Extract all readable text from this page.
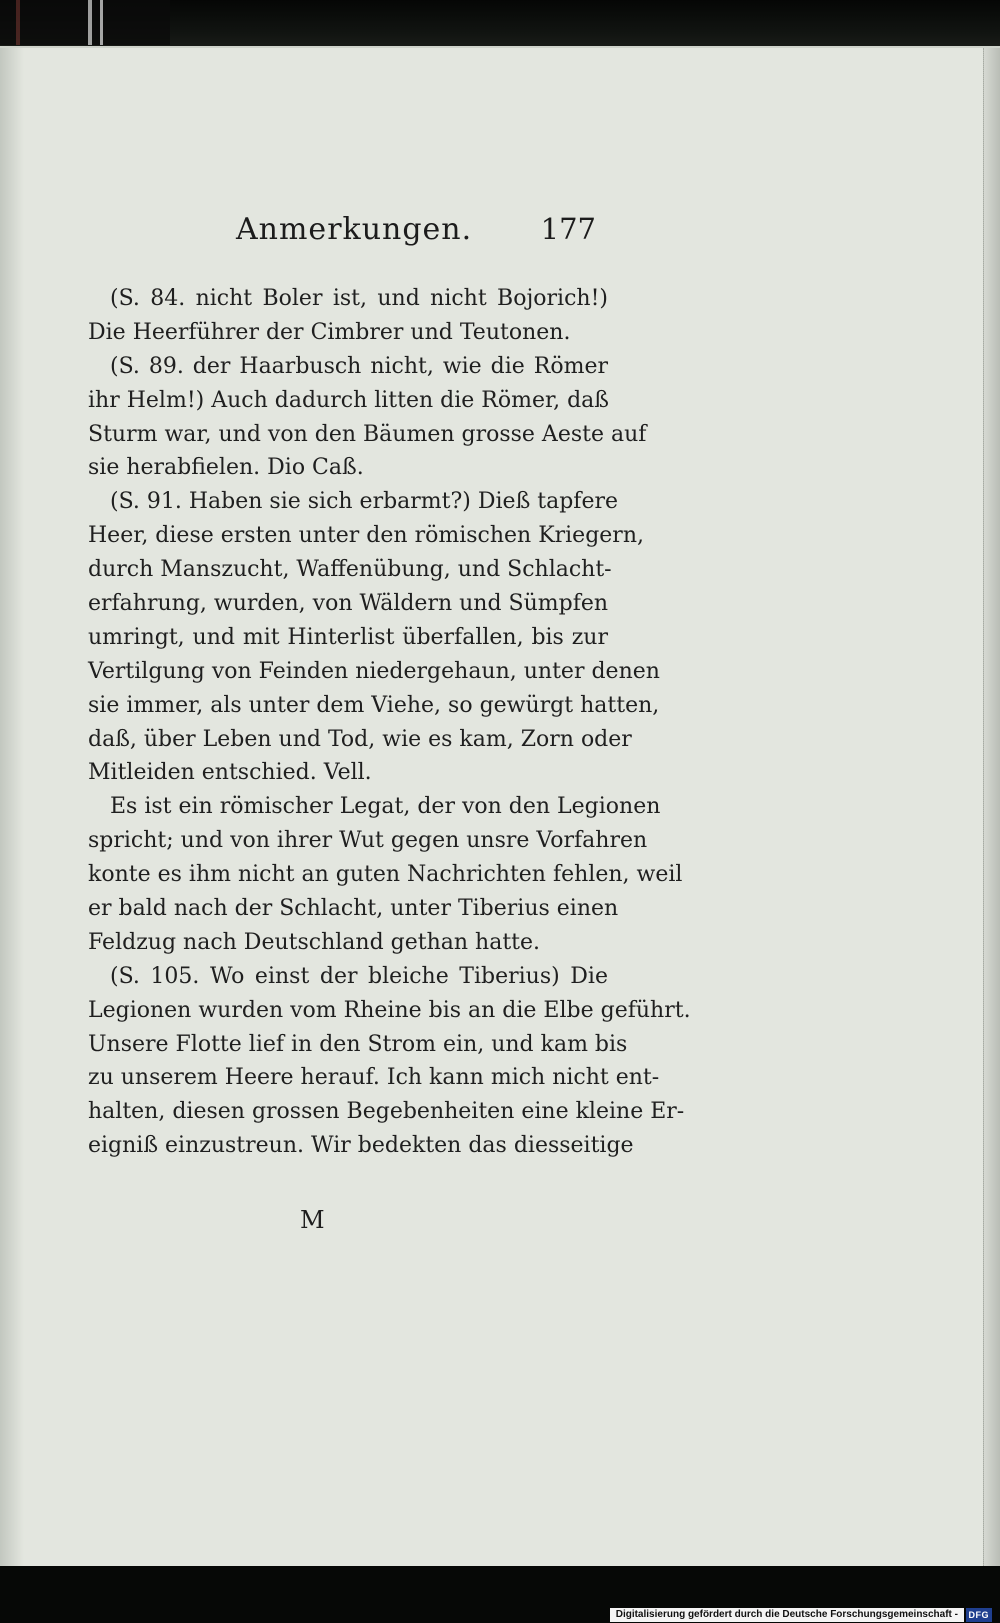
Anmerkungen. 177
(S. 84. nicht Boler ist, und nicht Bojorich!)
Die Heerführer der Cimbrer und Teutonen.
(S. 89. der Haarbusch nicht, wie die Römer
ihr Helm!) Auch dadurch litten die Römer, daß
Sturm war, und von den Bäumen grosse Aeste auf
sie herabfielen. Dio Caß.
(S. 91. Haben sie sich erbarmt?) Dieß tapfere
Heer, diese ersten unter den römischen Kriegern,
durch Manszucht, Waffenübung, und Schlacht-
erfahrung, wurden, von Wäldern und Sümpfen
umringt, und mit Hinterlist überfallen, bis zur
Vertilgung von Feinden niedergehaun, unter denen
sie immer, als unter dem Viehe, so gewürgt hatten,
daß, über Leben und Tod, wie es kam, Zorn oder
Mitleiden entschied. Vell.
Es ist ein römischer Legat, der von den Legionen
spricht; und von ihrer Wut gegen unsre Vorfahren
konte es ihm nicht an guten Nachrichten fehlen, weil
er bald nach der Schlacht, unter Tiberius einen
Feldzug nach Deutschland gethan hatte.
(S. 105. Wo einst der bleiche Tiberius) Die
Legionen wurden vom Rheine bis an die Elbe geführt.
Unsere Flotte lief in den Strom ein, und kam bis
zu unserem Heere herauf. Ich kann mich nicht ent-
halten, diesen grossen Begebenheiten eine kleine Er-
eigniß einzustreun. Wir bedekten das diesseitige
M
Digitalisierung gefördert durch die Deutsche Forschungsgemeinschaft -	DFG
